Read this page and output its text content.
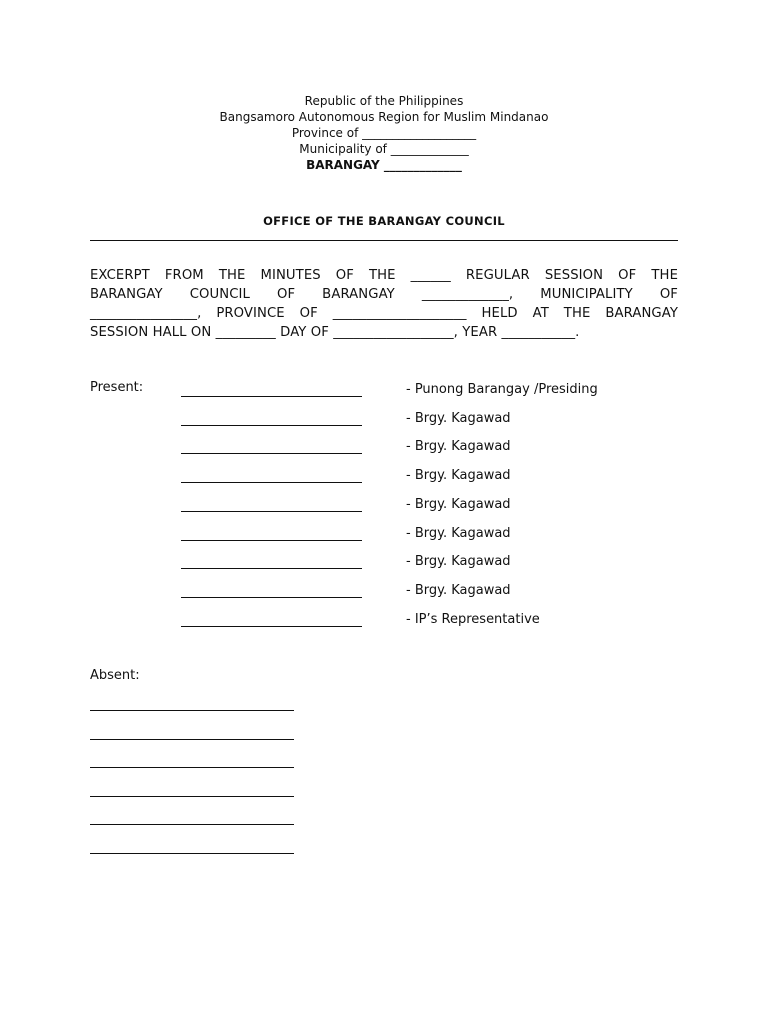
Republic of the Philippines
Bangsamoro Autonomous Region for Muslim Mindanao
Province of ___________________
Municipality of _____________
BARANGAY _____________
OFFICE OF THE BARANGAY COUNCIL
EXCERPT FROM THE MINUTES OF THE ______ REGULAR SESSION OF THE
BARANGAY COUNCIL OF BARANGAY _____________, MUNICIPALITY OF
________________, PROVINCE OF ____________________ HELD AT THE BARANGAY
SESSION HALL ON _________ DAY OF __________________, YEAR ___________.
Present:	- Punong Barangay /Presiding
- Brgy. Kagawad
- Brgy. Kagawad
- Brgy. Kagawad
- Brgy. Kagawad
- Brgy. Kagawad
- Brgy. Kagawad
- Brgy. Kagawad
- IP’s Representative
Absent:
